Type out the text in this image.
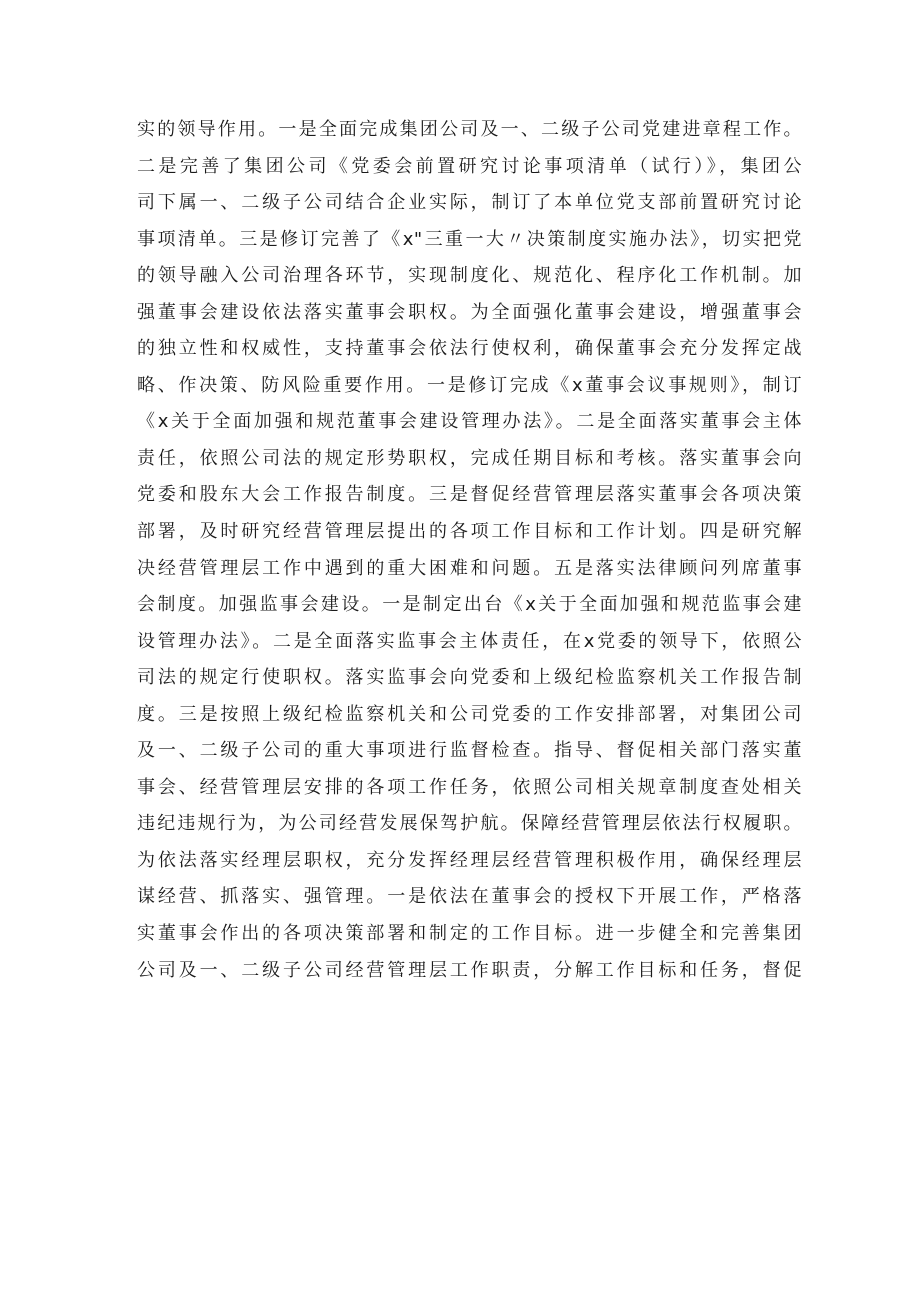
实的领导作用。一是全面完成集团公司及一、二级子公司党建进章程工作。
二是完善了集团公司《党委会前置研究讨论事项清单（试行）》，集团公
司下属一、二级子公司结合企业实际，制订了本单位党支部前置研究讨论
事项清单。三是修订完善了《x"三重一大〃决策制度实施办法》，切实把党
的领导融入公司治理各环节，实现制度化、规范化、程序化工作机制。加
强董事会建设依法落实董事会职权。为全面强化董事会建设，增强董事会
的独立性和权威性，支持董事会依法行使权利，确保董事会充分发挥定战
略、作决策、防风险重要作用。一是修订完成《x董事会议事规则》，制订
《x关于全面加强和规范董事会建设管理办法》。二是全面落实董事会主体
责任，依照公司法的规定形势职权，完成任期目标和考核。落实董事会向
党委和股东大会工作报告制度。三是督促经营管理层落实董事会各项决策
部署，及时研究经营管理层提出的各项工作目标和工作计划。四是研究解
决经营管理层工作中遇到的重大困难和问题。五是落实法律顾问列席董事
会制度。加强监事会建设。一是制定出台《x关于全面加强和规范监事会建
设管理办法》。二是全面落实监事会主体责任，在x党委的领导下，依照公
司法的规定行使职权。落实监事会向党委和上级纪检监察机关工作报告制
度。三是按照上级纪检监察机关和公司党委的工作安排部署，对集团公司
及一、二级子公司的重大事项进行监督检查。指导、督促相关部门落实董
事会、经营管理层安排的各项工作任务，依照公司相关规章制度查处相关
违纪违规行为，为公司经营发展保驾护航。保障经营管理层依法行权履职。
为依法落实经理层职权，充分发挥经理层经营管理积极作用，确保经理层
谋经营、抓落实、强管理。一是依法在董事会的授权下开展工作，严格落
实董事会作出的各项决策部署和制定的工作目标。进一步健全和完善集团
公司及一、二级子公司经营管理层工作职责，分解工作目标和任务，督促
